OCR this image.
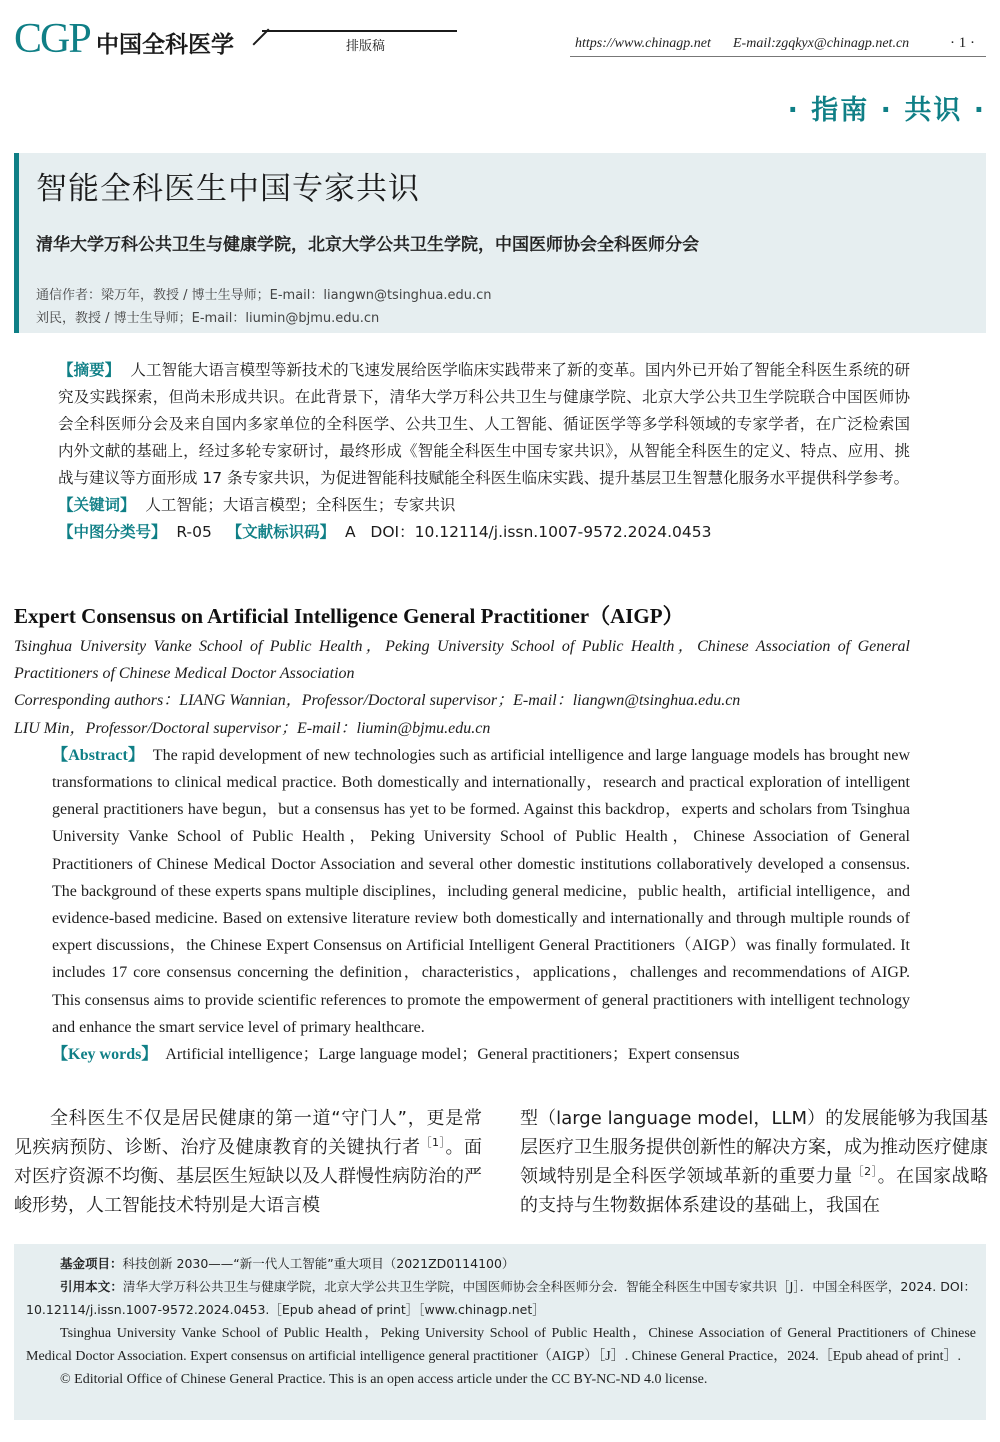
CGP 中国全科医学	排版稿	https://www.chinagp.net E-mail:zgqkyx@chinagp.net.cn	· 1 ·
· 指南 · 共识 ·
智能全科医生中国专家共识
清华大学万科公共卫生与健康学院，北京大学公共卫生学院，中国医师协会全科医师分会
通信作者：梁万年，教授 / 博士生导师；E-mail：liangwn@tsinghua.edu.cn
刘民，教授 / 博士生导师；E-mail：liumin@bjmu.edu.cn

【摘要】 人工智能大语言模型等新技术的飞速发展给医学临床实践带来了新的变革。国内外已开始了智能全科医生系统的研究及实践探索，但尚未形成共识。在此背景下，清华大学万科公共卫生与健康学院、北京大学公共卫生学院联合中国医师协会全科医师分会及来自国内多家单位的全科医学、公共卫生、人工智能、循证医学等多学科领域的专家学者，在广泛检索国内外文献的基础上，经过多轮专家研讨，最终形成《智能全科医生中国专家共识》，从智能全科医生的定义、特点、应用、挑战与建议等方面形成 17 条专家共识，为促进智能科技赋能全科医生临床实践、提升基层卫生智慧化服务水平提供科学参考。

【关键词】 人工智能；大语言模型；全科医生；专家共识

【中图分类号】 R-05 【文献标识码】 A DOI：10.12114/j.issn.1007-9572.2024.0453

Expert Consensus on Artificial Intelligence General Practitioner（AIGP）

Tsinghua University Vanke School of Public Health，Peking University School of Public Health，Chinese Association of General Practitioners of Chinese Medical Doctor Association

Corresponding authors：LIANG Wannian，Professor/Doctoral supervisor；E-mail：liangwn@tsinghua.edu.cn

LIU Min，Professor/Doctoral supervisor；E-mail：liumin@bjmu.edu.cn

【Abstract】 The rapid development of new technologies such as artificial intelligence and large language models has brought new transformations to clinical medical practice. Both domestically and internationally，research and practical exploration of intelligent general practitioners have begun，but a consensus has yet to be formed. Against this backdrop，experts and scholars from Tsinghua University Vanke School of Public Health，Peking University School of Public Health，Chinese Association of General Practitioners of Chinese Medical Doctor Association and several other domestic institutions collaboratively developed a consensus. The background of these experts spans multiple disciplines，including general medicine，public health，artificial intelligence，and evidence-based medicine. Based on extensive literature review both domestically and internationally and through multiple rounds of expert discussions，the Chinese Expert Consensus on Artificial Intelligent General Practitioners（AIGP）was finally formulated. It includes 17 core consensus concerning the definition，characteristics，applications，challenges and recommendations of AIGP. This consensus aims to provide scientific references to promote the empowerment of general practitioners with intelligent technology and enhance the smart service level of primary healthcare.

【Key words】 Artificial intelligence；Large language model；General practitioners；Expert consensus

全科医生不仅是居民健康的第一道“守门人”，更是常见疾病预防、诊断、治疗及健康教育的关键执行者$^{[1]}$。面对医疗资源不均衡、基层医生短缺以及人群慢性病防治的严峻形势，人工智能技术特别是大语言模
型（large language model，LLM）的发展能够为我国基层医疗卫生服务提供创新性的解决方案，成为推动医疗健康领域特别是全科医学领域革新的重要力量$^{[2]}$。在国家战略的支持与生物数据体系建设的基础上，我国在

基金项目：科技创新 2030——“新一代人工智能”重大项目（2021ZD0114100）

引用本文：清华大学万科公共卫生与健康学院，北京大学公共卫生学院，中国医师协会全科医师分会．智能全科医生中国专家共识［J］．中国全科医学，2024. DOI：10.12114/j.issn.1007-9572.2024.0453.［Epub ahead of print］［www.chinagp.net］

Tsinghua University Vanke School of Public Health，Peking University School of Public Health，Chinese Association of General Practitioners of Chinese Medical Doctor Association. Expert consensus on artificial intelligence general practitioner（AIGP）［J］. Chinese General Practice，2024.［Epub ahead of print］.

© Editorial Office of Chinese General Practice. This is an open access article under the CC BY-NC-ND 4.0 license.
